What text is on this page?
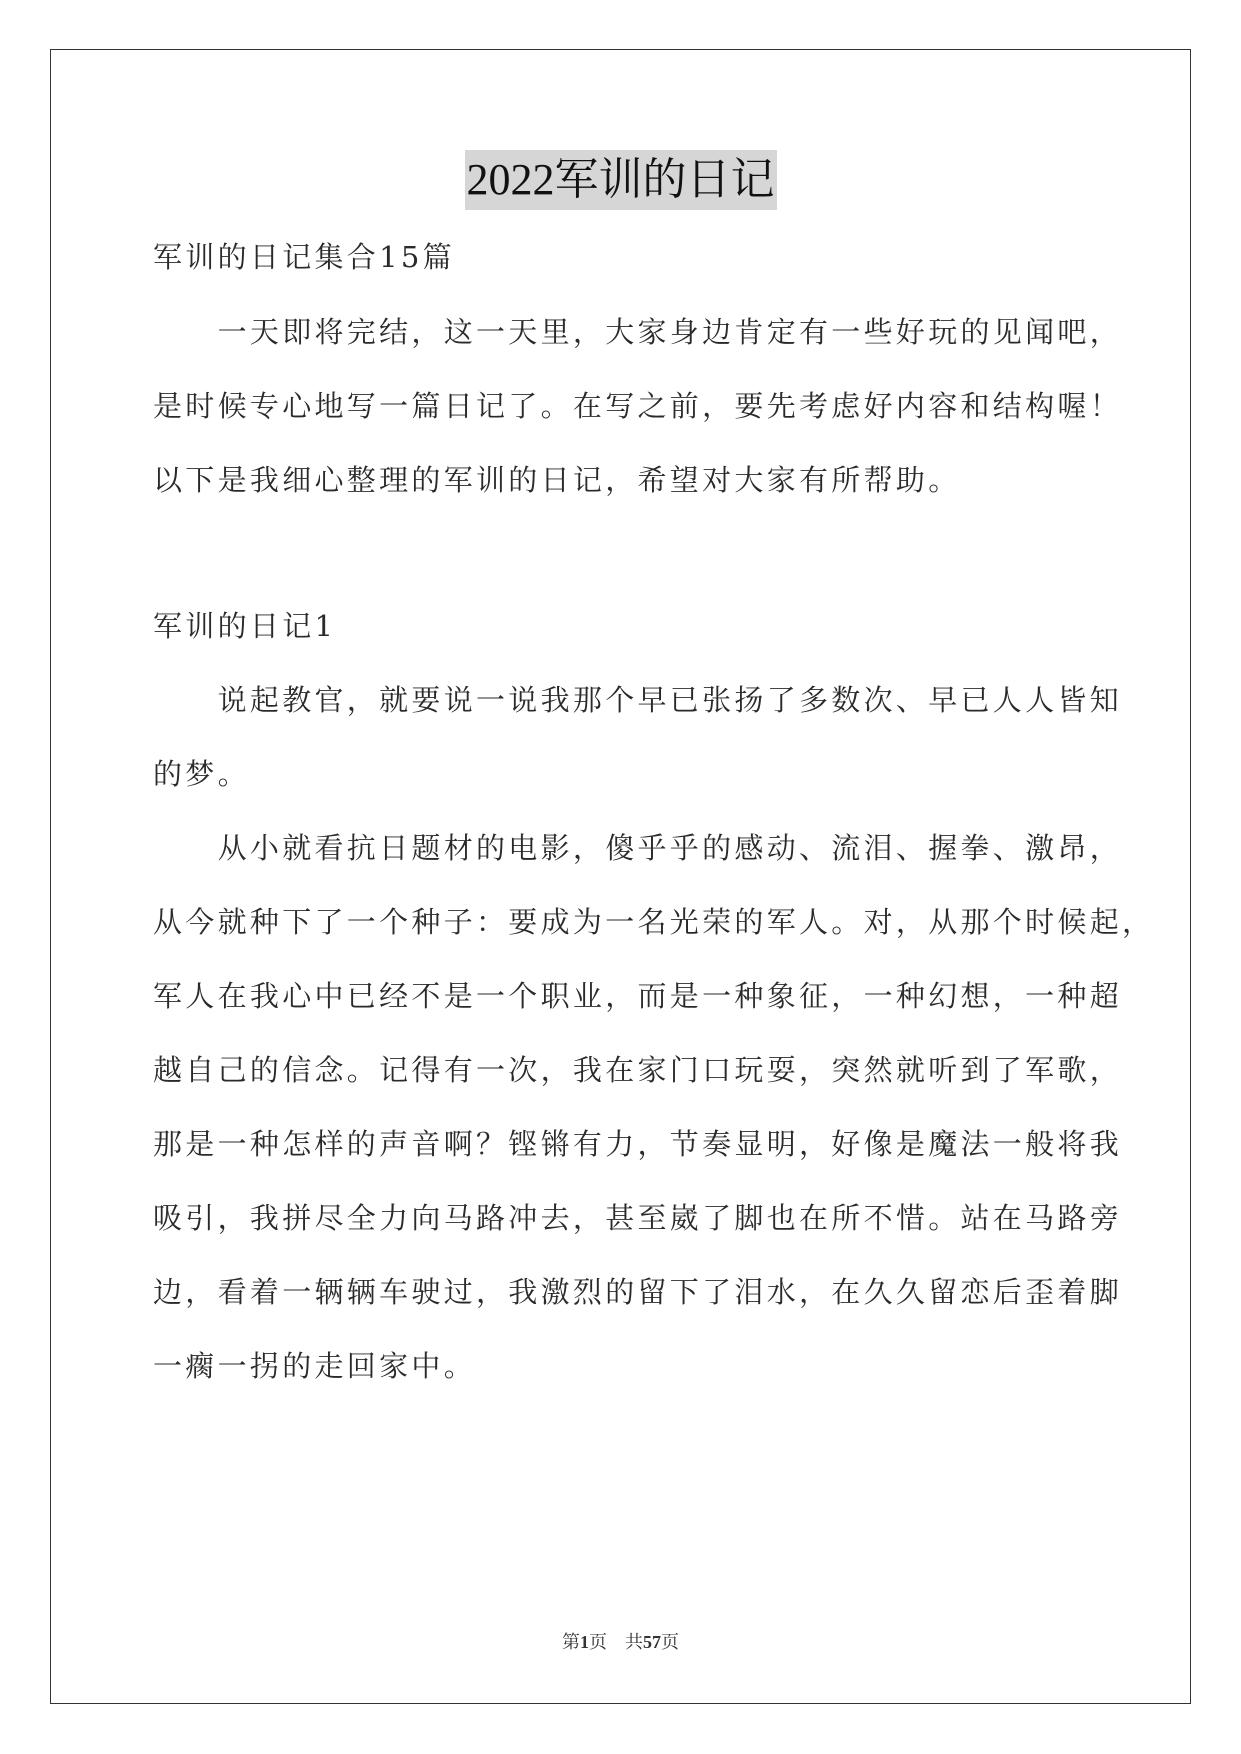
2022军训的日记
军训的日记集合15篇
　　一天即将完结，这一天里，大家身边肯定有一些好玩的见闻吧，
是时候专心地写一篇日记了。在写之前，要先考虑好内容和结构喔！
以下是我细心整理的军训的日记，希望对大家有所帮助。
军训的日记1
　　说起教官，就要说一说我那个早已张扬了多数次、早已人人皆知
的梦。
　　从小就看抗日题材的电影，傻乎乎的感动、流泪、握拳、激昂，
从今就种下了一个种子：要成为一名光荣的军人。对，从那个时候起，
军人在我心中已经不是一个职业，而是一种象征，一种幻想，一种超
越自己的信念。记得有一次，我在家门口玩耍，突然就听到了军歌，
那是一种怎样的声音啊？铿锵有力，节奏显明，好像是魔法一般将我
吸引，我拼尽全力向马路冲去，甚至崴了脚也在所不惜。站在马路旁
边，看着一辆辆车驶过，我激烈的留下了泪水，在久久留恋后歪着脚
一瘸一拐的走回家中。
第1页 共57页
